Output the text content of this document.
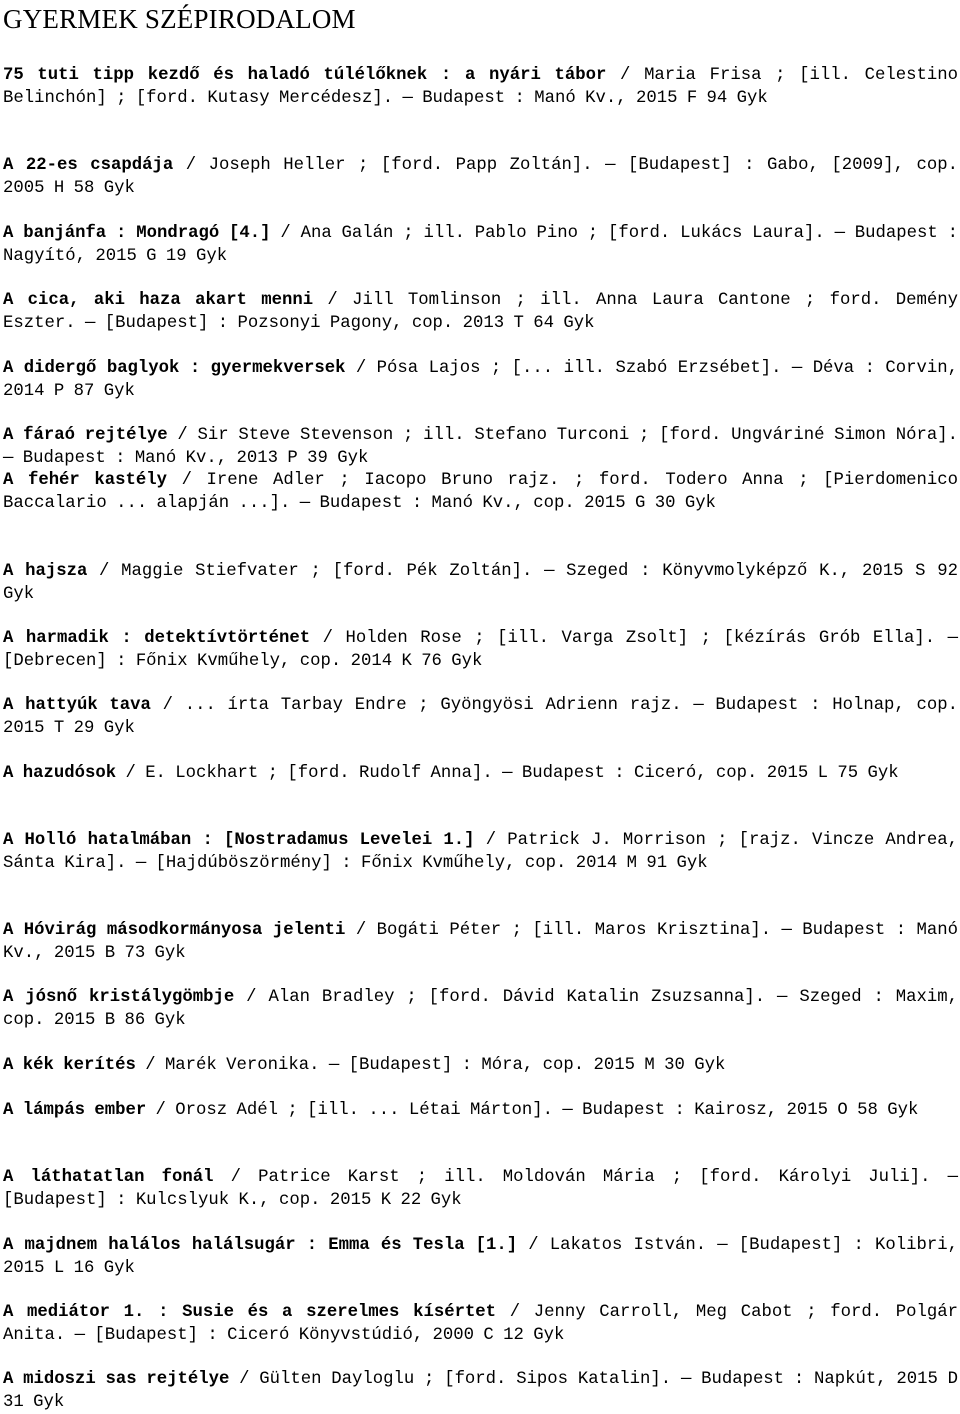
GYERMEK SZÉPIRODALOM

75 tuti tipp kezdő és haladó túlélőknek : a nyári tábor / Maria Frisa ; [ill. Celestino Belinchón] ; [ford. Kutasy Mercédesz]. — Budapest : Manó Kv., 2015 F 94 Gyk

A 22-es csapdája / Joseph Heller ; [ford. Papp Zoltán]. — [Budapest] : Gabo, [2009], cop. 2005 H 58 Gyk

A banjánfa : Mondragó [4.] / Ana Galán ; ill. Pablo Pino ; [ford. Lukács Laura]. — Budapest : Nagyító, 2015 G 19 Gyk

A cica, aki haza akart menni / Jill Tomlinson ; ill. Anna Laura Cantone ; ford. Demény Eszter. — [Budapest] : Pozsonyi Pagony, cop. 2013 T 64 Gyk

A didergő baglyok : gyermekversek / Pósa Lajos ; [... ill. Szabó Erzsébet]. — Déva : Corvin, 2014 P 87 Gyk

A fáraó rejtélye / Sir Steve Stevenson ; ill. Stefano Turconi ; [ford. Ungváriné Simon Nóra]. — Budapest : Manó Kv., 2013 P 39 Gyk

A fehér kastély / Irene Adler ; Iacopo Bruno rajz. ; ford. Todero Anna ; [Pierdomenico Baccalario ... alapján ...]. — Budapest : Manó Kv., cop. 2015 G 30 Gyk

A hajsza / Maggie Stiefvater ; [ford. Pék Zoltán]. — Szeged : Könyvmolyképző K., 2015 S 92 Gyk

A harmadik : detektívtörténet / Holden Rose ; [ill. Varga Zsolt] ; [kézírás Grób Ella]. — [Debrecen] : Főnix Kvműhely, cop. 2014 K 76 Gyk

A hattyúk tava / ... írta Tarbay Endre ; Gyöngyösi Adrienn rajz. — Budapest : Holnap, cop. 2015 T 29 Gyk

A hazudósok / E. Lockhart ; [ford. Rudolf Anna]. — Budapest : Ciceró, cop. 2015 L 75 Gyk

A Holló hatalmában : [Nostradamus Levelei 1.] / Patrick J. Morrison ; [rajz. Vincze Andrea, Sánta Kira]. — [Hajdúböszörmény] : Főnix Kvműhely, cop. 2014 M 91 Gyk

A Hóvirág másodkormányosa jelenti / Bogáti Péter ; [ill. Maros Krisztina]. — Budapest : Manó Kv., 2015 B 73 Gyk

A jósnő kristálygömbje / Alan Bradley ; [ford. Dávid Katalin Zsuzsanna]. — Szeged : Maxim, cop. 2015 B 86 Gyk

A kék kerítés / Marék Veronika. — [Budapest] : Móra, cop. 2015 M 30 Gyk

A lámpás ember / Orosz Adél ; [ill. ... Létai Márton]. — Budapest : Kairosz, 2015 O 58 Gyk

A láthatatlan fonál / Patrice Karst ; ill. Moldován Mária ; [ford. Károlyi Juli]. — [Budapest] : Kulcslyuk K., cop. 2015 K 22 Gyk

A majdnem halálos halálsugár : Emma és Tesla [1.] / Lakatos István. — [Budapest] : Kolibri, 2015 L 16 Gyk

A mediátor 1. : Susie és a szerelmes kísértet / Jenny Carroll, Meg Cabot ; ford. Polgár Anita. — [Budapest] : Ciceró Könyvstúdió, 2000 C 12 Gyk

A midoszi sas rejtélye / Gülten Dayloglu ; [ford. Sipos Katalin]. — Budapest : Napkút, 2015 D 31 Gyk
